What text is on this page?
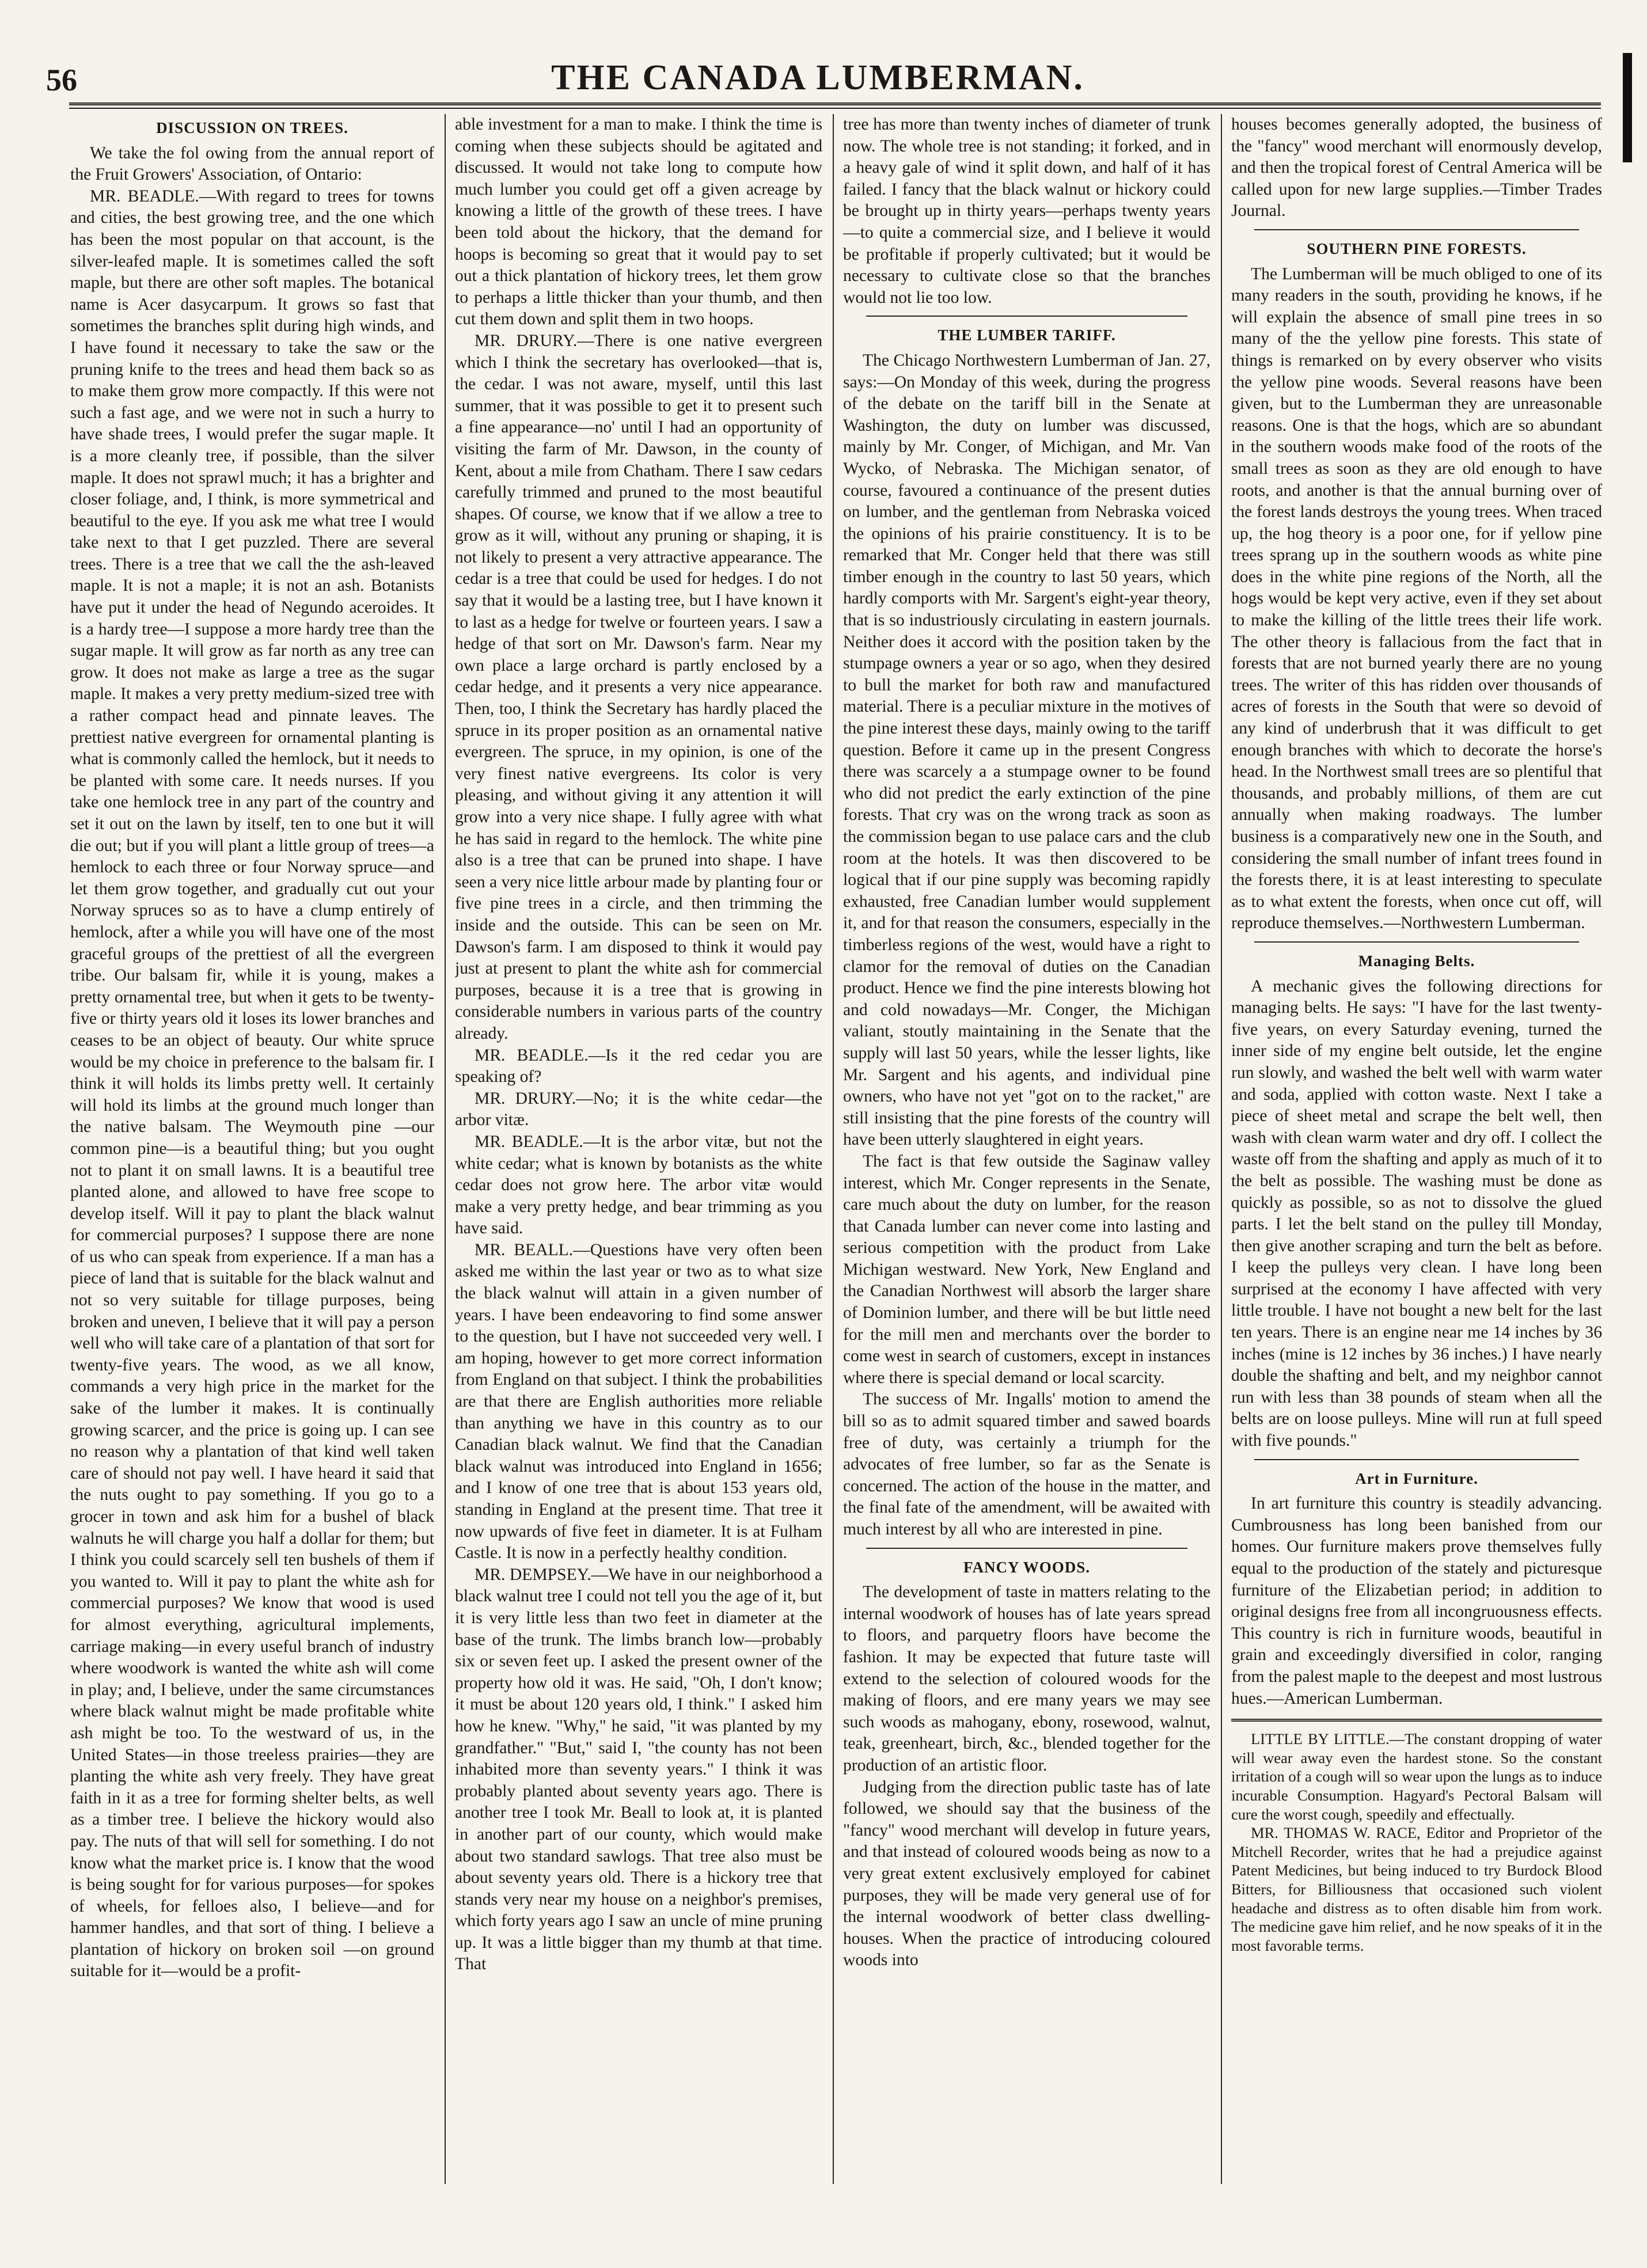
56	THE CANADA LUMBERMAN.
DISCUSSION ON TREES.

We take the fol owing from the annual report of the Fruit Growers' Association, of Ontario:

MR. BEADLE.—With regard to trees for towns and cities, the best growing tree, and the one which has been the most popular on that account, is the silver-leafed maple. It is sometimes called the soft maple, but there are other soft maples. The botanical name is Acer dasycarpum. It grows so fast that sometimes the branches split during high winds, and I have found it necessary to take the saw or the pruning knife to the trees and head them back so as to make them grow more compactly. If this were not such a fast age, and we were not in such a hurry to have shade trees, I would prefer the sugar maple. It is a more cleanly tree, if possible, than the silver maple. It does not sprawl much; it has a brighter and closer foliage, and, I think, is more symmetrical and beautiful to the eye. If you ask me what tree I would take next to that I get puzzled. There are several trees. There is a tree that we call the the ash-leaved maple. It is not a maple; it is not an ash. Botanists have put it under the head of Negundo aceroides. It is a hardy tree—I suppose a more hardy tree than the sugar maple. It will grow as far north as any tree can grow. It does not make as large a tree as the sugar maple. It makes a very pretty medium-sized tree with a rather compact head and pinnate leaves. The prettiest native evergreen for ornamental planting is what is commonly called the hemlock, but it needs to be planted with some care. It needs nurses. If you take one hemlock tree in any part of the country and set it out on the lawn by itself, ten to one but it will die out; but if you will plant a little group of trees—a hemlock to each three or four Norway spruce—and let them grow together, and gradually cut out your Norway spruces so as to have a clump entirely of hemlock, after a while you will have one of the most graceful groups of the prettiest of all the evergreen tribe. Our balsam fir, while it is young, makes a pretty ornamental tree, but when it gets to be twenty-five or thirty years old it loses its lower branches and ceases to be an object of beauty. Our white spruce would be my choice in preference to the balsam fir. I think it will holds its limbs pretty well. It certainly will hold its limbs at the ground much longer than the native balsam. The Weymouth pine —our common pine—is a beautiful thing; but you ought not to plant it on small lawns. It is a beautiful tree planted alone, and allowed to have free scope to develop itself. Will it pay to plant the black walnut for commercial purposes? I suppose there are none of us who can speak from experience. If a man has a piece of land that is suitable for the black walnut and not so very suitable for tillage purposes, being broken and uneven, I believe that it will pay a person well who will take care of a plantation of that sort for twenty-five years. The wood, as we all know, commands a very high price in the market for the sake of the lumber it makes. It is continually growing scarcer, and the price is going up. I can see no reason why a plantation of that kind well taken care of should not pay well. I have heard it said that the nuts ought to pay something. If you go to a grocer in town and ask him for a bushel of black walnuts he will charge you half a dollar for them; but I think you could scarcely sell ten bushels of them if you wanted to. Will it pay to plant the white ash for commercial purposes? We know that wood is used for almost everything, agricultural implements, carriage making—in every useful branch of industry where woodwork is wanted the white ash will come in play; and, I believe, under the same circumstances where black walnut might be made profitable white ash might be too. To the westward of us, in the United States—in those treeless prairies—they are planting the white ash very freely. They have great faith in it as a tree for forming shelter belts, as well as a timber tree. I believe the hickory would also pay. The nuts of that will sell for something. I do not know what the market price is. I know that the wood is being sought for for various purposes—for spokes of wheels, for felloes also, I believe—and for hammer handles, and that sort of thing. I believe a plantation of hickory on broken soil —on ground suitable for it—would be a profit-

able investment for a man to make. I think the time is coming when these subjects should be agitated and discussed. It would not take long to compute how much lumber you could get off a given acreage by knowing a little of the growth of these trees. I have been told about the hickory, that the demand for hoops is becoming so great that it would pay to set out a thick plantation of hickory trees, let them grow to perhaps a little thicker than your thumb, and then cut them down and split them in two hoops.

MR. DRURY.—There is one native evergreen which I think the secretary has overlooked—that is, the cedar. I was not aware, myself, until this last summer, that it was possible to get it to present such a fine appearance—no' until I had an opportunity of visiting the farm of Mr. Dawson, in the county of Kent, about a mile from Chatham. There I saw cedars carefully trimmed and pruned to the most beautiful shapes. Of course, we know that if we allow a tree to grow as it will, without any pruning or shaping, it is not likely to present a very attractive appearance. The cedar is a tree that could be used for hedges. I do not say that it would be a lasting tree, but I have known it to last as a hedge for twelve or fourteen years. I saw a hedge of that sort on Mr. Dawson's farm. Near my own place a large orchard is partly enclosed by a cedar hedge, and it presents a very nice appearance. Then, too, I think the Secretary has hardly placed the spruce in its proper position as an ornamental native evergreen. The spruce, in my opinion, is one of the very finest native evergreens. Its color is very pleasing, and without giving it any attention it will grow into a very nice shape. I fully agree with what he has said in regard to the hemlock. The white pine also is a tree that can be pruned into shape. I have seen a very nice little arbour made by planting four or five pine trees in a circle, and then trimming the inside and the outside. This can be seen on Mr. Dawson's farm. I am disposed to think it would pay just at present to plant the white ash for commercial purposes, because it is a tree that is growing in considerable numbers in various parts of the country already.

MR. BEADLE.—Is it the red cedar you are speaking of?

MR. DRURY.—No; it is the white cedar—the arbor vitæ.

MR. BEADLE.—It is the arbor vitæ, but not the white cedar; what is known by botanists as the white cedar does not grow here. The arbor vitæ would make a very pretty hedge, and bear trimming as you have said.

MR. BEALL.—Questions have very often been asked me within the last year or two as to what size the black walnut will attain in a given number of years. I have been endeavoring to find some answer to the question, but I have not succeeded very well. I am hoping, however to get more correct information from England on that subject. I think the probabilities are that there are English authorities more reliable than anything we have in this country as to our Canadian black walnut. We find that the Canadian black walnut was introduced into England in 1656; and I know of one tree that is about 153 years old, standing in England at the present time. That tree it now upwards of five feet in diameter. It is at Fulham Castle. It is now in a perfectly healthy condition.

MR. DEMPSEY.—We have in our neighborhood a black walnut tree I could not tell you the age of it, but it is very little less than two feet in diameter at the base of the trunk. The limbs branch low—probably six or seven feet up. I asked the present owner of the property how old it was. He said, "Oh, I don't know; it must be about 120 years old, I think." I asked him how he knew. "Why," he said, "it was planted by my grandfather." "But," said I, "the county has not been inhabited more than seventy years." I think it was probably planted about seventy years ago. There is another tree I took Mr. Beall to look at, it is planted in another part of our county, which would make about two standard sawlogs. That tree also must be about seventy years old. There is a hickory tree that stands very near my house on a neighbor's premises, which forty years ago I saw an uncle of mine pruning up. It was a little bigger than my thumb at that time. That

tree has more than twenty inches of diameter of trunk now. The whole tree is not standing; it forked, and in a heavy gale of wind it split down, and half of it has failed. I fancy that the black walnut or hickory could be brought up in thirty years—perhaps twenty years—to quite a commercial size, and I believe it would be profitable if properly cultivated; but it would be necessary to cultivate close so that the branches would not lie too low.

THE LUMBER TARIFF.

The Chicago Northwestern Lumberman of Jan. 27, says:—On Monday of this week, during the progress of the debate on the tariff bill in the Senate at Washington, the duty on lumber was discussed, mainly by Mr. Conger, of Michigan, and Mr. Van Wycko, of Nebraska. The Michigan senator, of course, favoured a continuance of the present duties on lumber, and the gentleman from Nebraska voiced the opinions of his prairie constituency. It is to be remarked that Mr. Conger held that there was still timber enough in the country to last 50 years, which hardly comports with Mr. Sargent's eight-year theory, that is so industriously circulating in eastern journals. Neither does it accord with the position taken by the stumpage owners a year or so ago, when they desired to bull the market for both raw and manufactured material. There is a peculiar mixture in the motives of the pine interest these days, mainly owing to the tariff question. Before it came up in the present Congress there was scarcely a a stumpage owner to be found who did not predict the early extinction of the pine forests. That cry was on the wrong track as soon as the commission began to use palace cars and the club room at the hotels. It was then discovered to be logical that if our pine supply was becoming rapidly exhausted, free Canadian lumber would supplement it, and for that reason the consumers, especially in the timberless regions of the west, would have a right to clamor for the removal of duties on the Canadian product. Hence we find the pine interests blowing hot and cold nowadays—Mr. Conger, the Michigan valiant, stoutly maintaining in the Senate that the supply will last 50 years, while the lesser lights, like Mr. Sargent and his agents, and individual pine owners, who have not yet "got on to the racket," are still insisting that the pine forests of the country will have been utterly slaughtered in eight years.

The fact is that few outside the Saginaw valley interest, which Mr. Conger represents in the Senate, care much about the duty on lumber, for the reason that Canada lumber can never come into lasting and serious competition with the product from Lake Michigan westward. New York, New England and the Canadian Northwest will absorb the larger share of Dominion lumber, and there will be but little need for the mill men and merchants over the border to come west in search of customers, except in instances where there is special demand or local scarcity.

The success of Mr. Ingalls' motion to amend the bill so as to admit squared timber and sawed boards free of duty, was certainly a triumph for the advocates of free lumber, so far as the Senate is concerned. The action of the house in the matter, and the final fate of the amendment, will be awaited with much interest by all who are interested in pine.

FANCY WOODS.

The development of taste in matters relating to the internal woodwork of houses has of late years spread to floors, and parquetry floors have become the fashion. It may be expected that future taste will extend to the selection of coloured woods for the making of floors, and ere many years we may see such woods as mahogany, ebony, rosewood, walnut, teak, greenheart, birch, &c., blended together for the production of an artistic floor.

Judging from the direction public taste has of late followed, we should say that the business of the "fancy" wood merchant will develop in future years, and that instead of coloured woods being as now to a very great extent exclusively employed for cabinet purposes, they will be made very general use of for the internal woodwork of better class dwelling-houses. When the practice of introducing coloured woods into

houses becomes generally adopted, the business of the "fancy" wood merchant will enormously develop, and then the tropical forest of Central America will be called upon for new large supplies.—Timber Trades Journal.

SOUTHERN PINE FORESTS.

The Lumberman will be much obliged to one of its many readers in the south, providing he knows, if he will explain the absence of small pine trees in so many of the the yellow pine forests. This state of things is remarked on by every observer who visits the yellow pine woods. Several reasons have been given, but to the Lumberman they are unreasonable reasons. One is that the hogs, which are so abundant in the southern woods make food of the roots of the small trees as soon as they are old enough to have roots, and another is that the annual burning over of the forest lands destroys the young trees. When traced up, the hog theory is a poor one, for if yellow pine trees sprang up in the southern woods as white pine does in the white pine regions of the North, all the hogs would be kept very active, even if they set about to make the killing of the little trees their life work. The other theory is fallacious from the fact that in forests that are not burned yearly there are no young trees. The writer of this has ridden over thousands of acres of forests in the South that were so devoid of any kind of underbrush that it was difficult to get enough branches with which to decorate the horse's head. In the Northwest small trees are so plentiful that thousands, and probably millions, of them are cut annually when making roadways. The lumber business is a comparatively new one in the South, and considering the small number of infant trees found in the forests there, it is at least interesting to speculate as to what extent the forests, when once cut off, will reproduce themselves.—Northwestern Lumberman.

Managing Belts.

A mechanic gives the following directions for managing belts. He says: "I have for the last twenty-five years, on every Saturday evening, turned the inner side of my engine belt outside, let the engine run slowly, and washed the belt well with warm water and soda, applied with cotton waste. Next I take a piece of sheet metal and scrape the belt well, then wash with clean warm water and dry off. I collect the waste off from the shafting and apply as much of it to the belt as possible. The washing must be done as quickly as possible, so as not to dissolve the glued parts. I let the belt stand on the pulley till Monday, then give another scraping and turn the belt as before. I keep the pulleys very clean. I have long been surprised at the economy I have affected with very little trouble. I have not bought a new belt for the last ten years. There is an engine near me 14 inches by 36 inches (mine is 12 inches by 36 inches.) I have nearly double the shafting and belt, and my neighbor cannot run with less than 38 pounds of steam when all the belts are on loose pulleys. Mine will run at full speed with five pounds."

Art in Furniture.

In art furniture this country is steadily advancing. Cumbrousness has long been banished from our homes. Our furniture makers prove themselves fully equal to the production of the stately and picturesque furniture of the Elizabetian period; in addition to original designs free from all incongruousness effects. This country is rich in furniture woods, beautiful in grain and exceedingly diversified in color, ranging from the palest maple to the deepest and most lustrous hues.—American Lumberman.

LITTLE BY LITTLE.—The constant dropping of water will wear away even the hardest stone. So the constant irritation of a cough will so wear upon the lungs as to induce incurable Consumption. Hagyard's Pectoral Balsam will cure the worst cough, speedily and effectually.

MR. THOMAS W. RACE, Editor and Proprietor of the Mitchell Recorder, writes that he had a prejudice against Patent Medicines, but being induced to try Burdock Blood Bitters, for Billiousness that occasioned such violent headache and distress as to often disable him from work. The medicine gave him relief, and he now speaks of it in the most favorable terms.
